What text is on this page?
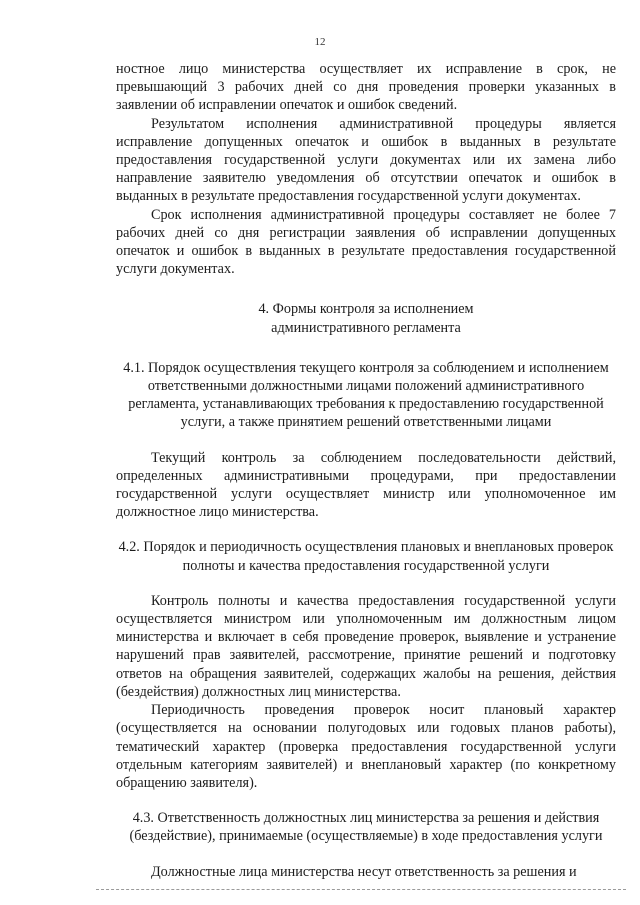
12

ностное лицо министерства осуществляет их исправление в срок, не превышающий 3 рабочих дней со дня проведения проверки указанных в заявлении об исправлении опечаток и ошибок сведений.

Результатом исполнения административной процедуры является исправление допущенных опечаток и ошибок в выданных в результате предоставления государственной услуги документах или их замена либо направление заявителю уведомления об отсутствии опечаток и ошибок в выданных в результате предоставления государственной услуги документах.

Срок исполнения административной процедуры составляет не более 7 рабочих дней со дня регистрации заявления об исправлении допущенных опечаток и ошибок в выданных в результате предоставления государственной услуги документах.

4. Формы контроля за исполнением
административного регламента

4.1. Порядок осуществления текущего контроля за соблюдением и исполнением ответственными должностными лицами положений административного регламента, устанавливающих требования к предоставлению государственной услуги, а также принятием решений ответственными лицами

Текущий контроль за соблюдением последовательности действий, определенных административными процедурами, при предоставлении государственной услуги осуществляет министр или уполномоченное им должностное лицо министерства.

4.2. Порядок и периодичность осуществления плановых и внеплановых проверок полноты и качества предоставления государственной услуги

Контроль полноты и качества предоставления государственной услуги осуществляется министром или уполномоченным им должностным лицом министерства и включает в себя проведение проверок, выявление и устранение нарушений прав заявителей, рассмотрение, принятие решений и подготовку ответов на обращения заявителей, содержащих жалобы на решения, действия (бездействия) должностных лиц министерства.

Периодичность проведения проверок носит плановый характер (осуществляется на основании полугодовых или годовых планов работы), тематический характер (проверка предоставления государственной услуги отдельным категориям заявителей) и внеплановый характер (по конкретному обращению заявителя).

4.3. Ответственность должностных лиц министерства за решения и действия (бездействие), принимаемые (осуществляемые) в ходе предоставления услуги

Должностные лица министерства несут ответственность за решения и
